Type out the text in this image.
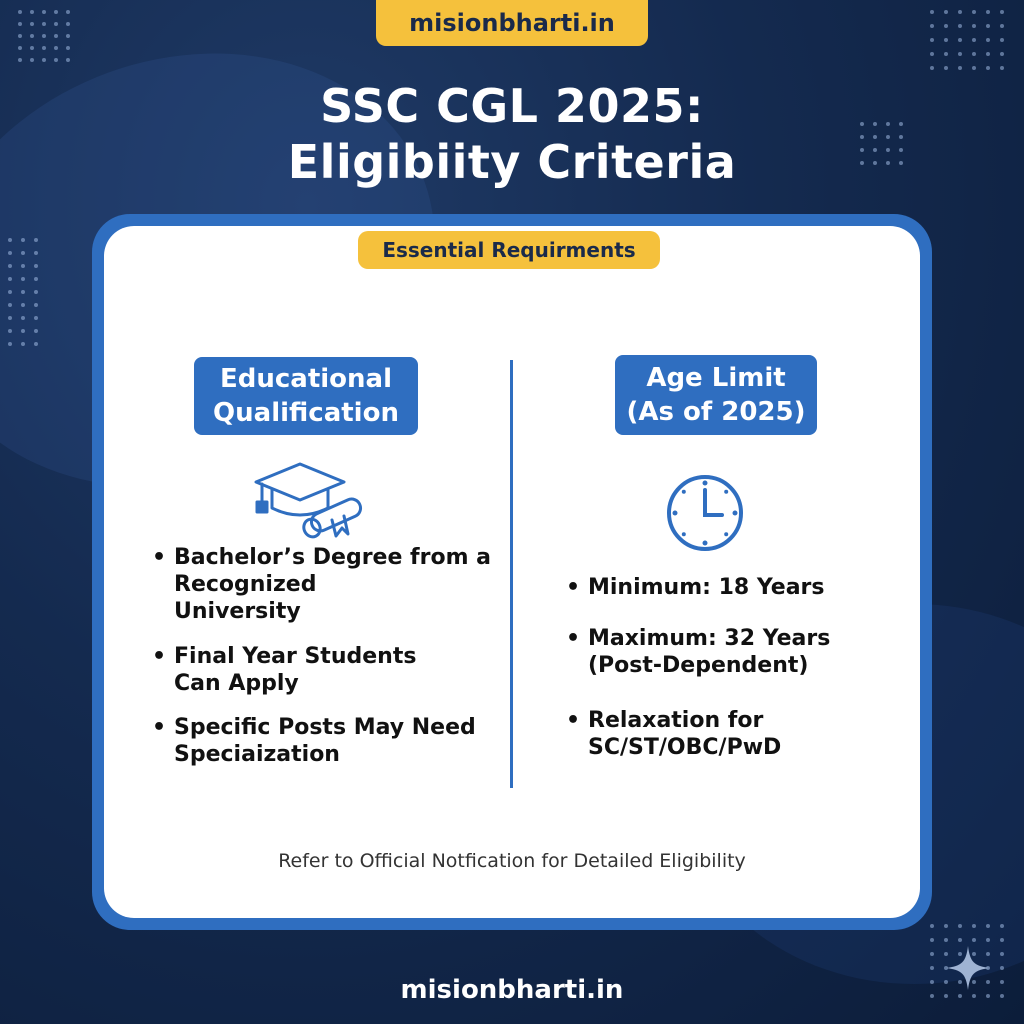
misionbharti.in
SSC CGL 2025:
Eligibiity Criteria
Essential Requirments
Educational
Qualification
Age Limit
(As of 2025)
• Bachelor’s Degree from a
Recognized
University
• Final Year Students
Can Apply
• Specific Posts May Need
Speciaization
• Minimum: 18 Years
• Maximum: 32 Years
(Post-Dependent)
• Relaxation for
SC/ST/OBC/PwD
Refer to Official Notfication for Detailed Eligibility
misionbharti.in
